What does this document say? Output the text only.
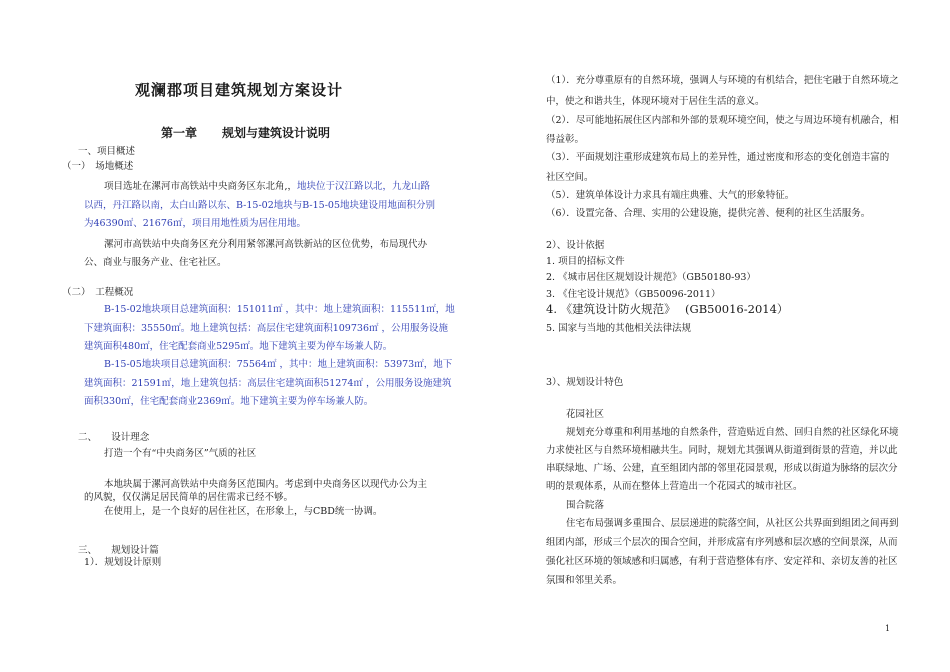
观澜郡项目建筑规划方案设计
第一章 规划与建筑设计说明
一、项目概述
（一）　场地概述
项目选址在漯河市高铁站中央商务区东北角,，地块位于汉江路以北，九龙山路
以西，丹江路以南，太白山路以东、B-15-02地块与B-15-05地块建设用地面积分别
为46390㎡、21676㎡，项目用地性质为居住用地。
漯河市高铁站中央商务区充分利用紧邻漯河高铁新站的区位优势，布局现代办
公、商业与服务产业、住宅社区。
（二）　工程概况
B-15-02地块项目总建筑面积：151011㎡ ，其中：地上建筑面积：115511㎡，地
下建筑面积：35550㎡。地上建筑包括：高层住宅建筑面积109736㎡ ，公用服务设施
建筑面积480㎡，住宅配套商业5295㎡。地下建筑主要为停车场兼人防。
B-15-05地块项目总建筑面积：75564㎡ ，其中：地上建筑面积：53973㎡，地下
建筑面积：21591㎡，地上建筑包括：高层住宅建筑面积51274㎡ ，公用服务设施建筑
面积330㎡，住宅配套商业2369㎡。地下建筑主要为停车场兼人防。
二、　　设计理念
打造一个有“中央商务区”气质的社区
本地块属于漯河高铁站中央商务区范围内。考虑到中央商务区以现代办公为主
的风貌，仅仅满足居民简单的居住需求已经不够。
在使用上，是一个良好的居住社区，在形象上，与CBD统一协调。
三、　　规划设计篇
1）．规划设计原则
（1）．充分尊重原有的自然环境，强调人与环境的有机结合，把住宅融于自然环境之
中，使之和谐共生，体现环境对于居住生活的意义。
（2）．尽可能地拓展住区内部和外部的景观环境空间，使之与周边环境有机融合，相
得益彰。
（3）．平面规划注重形成建筑布局上的差异性，通过密度和形态的变化创造丰富的
社区空间。
（5）．建筑单体设计力求具有端庄典雅、大气的形象特征。
（6）．设置完备、合理、实用的公建设施，提供完善、便利的社区生活服务。
2）、设计依据
1. 项目的招标文件
2. 《城市居住区规划设计规范》（GB50180-93）
3. 《住宅设计规范》（GB50096-2011）
4. 《建筑设计防火规范》　 (GB50016-2014）
5. 国家与当地的其他相关法律法规
3）、规划设计特色
花园社区
规划充分尊重和利用基地的自然条件，营造贴近自然、回归自然的社区绿化环境
力求使社区与自然环境相融共生。同时，规划尤其强调从街道到街景的营造，并以此
串联绿地、广场、公建，直至组团内部的邻里花园景观，形成以街道为脉络的层次分
明的景观体系，从而在整体上营造出一个花园式的城市社区。
围合院落
住宅布局强调多重围合、层层递进的院落空间，从社区公共界面到组团之间再到
组团内部，形成三个层次的围合空间，并形成富有序列感和层次感的空间景深，从而
强化社区环境的领域感和归属感，有利于营造整体有序、安定祥和、亲切友善的社区
氛围和邻里关系。
1
